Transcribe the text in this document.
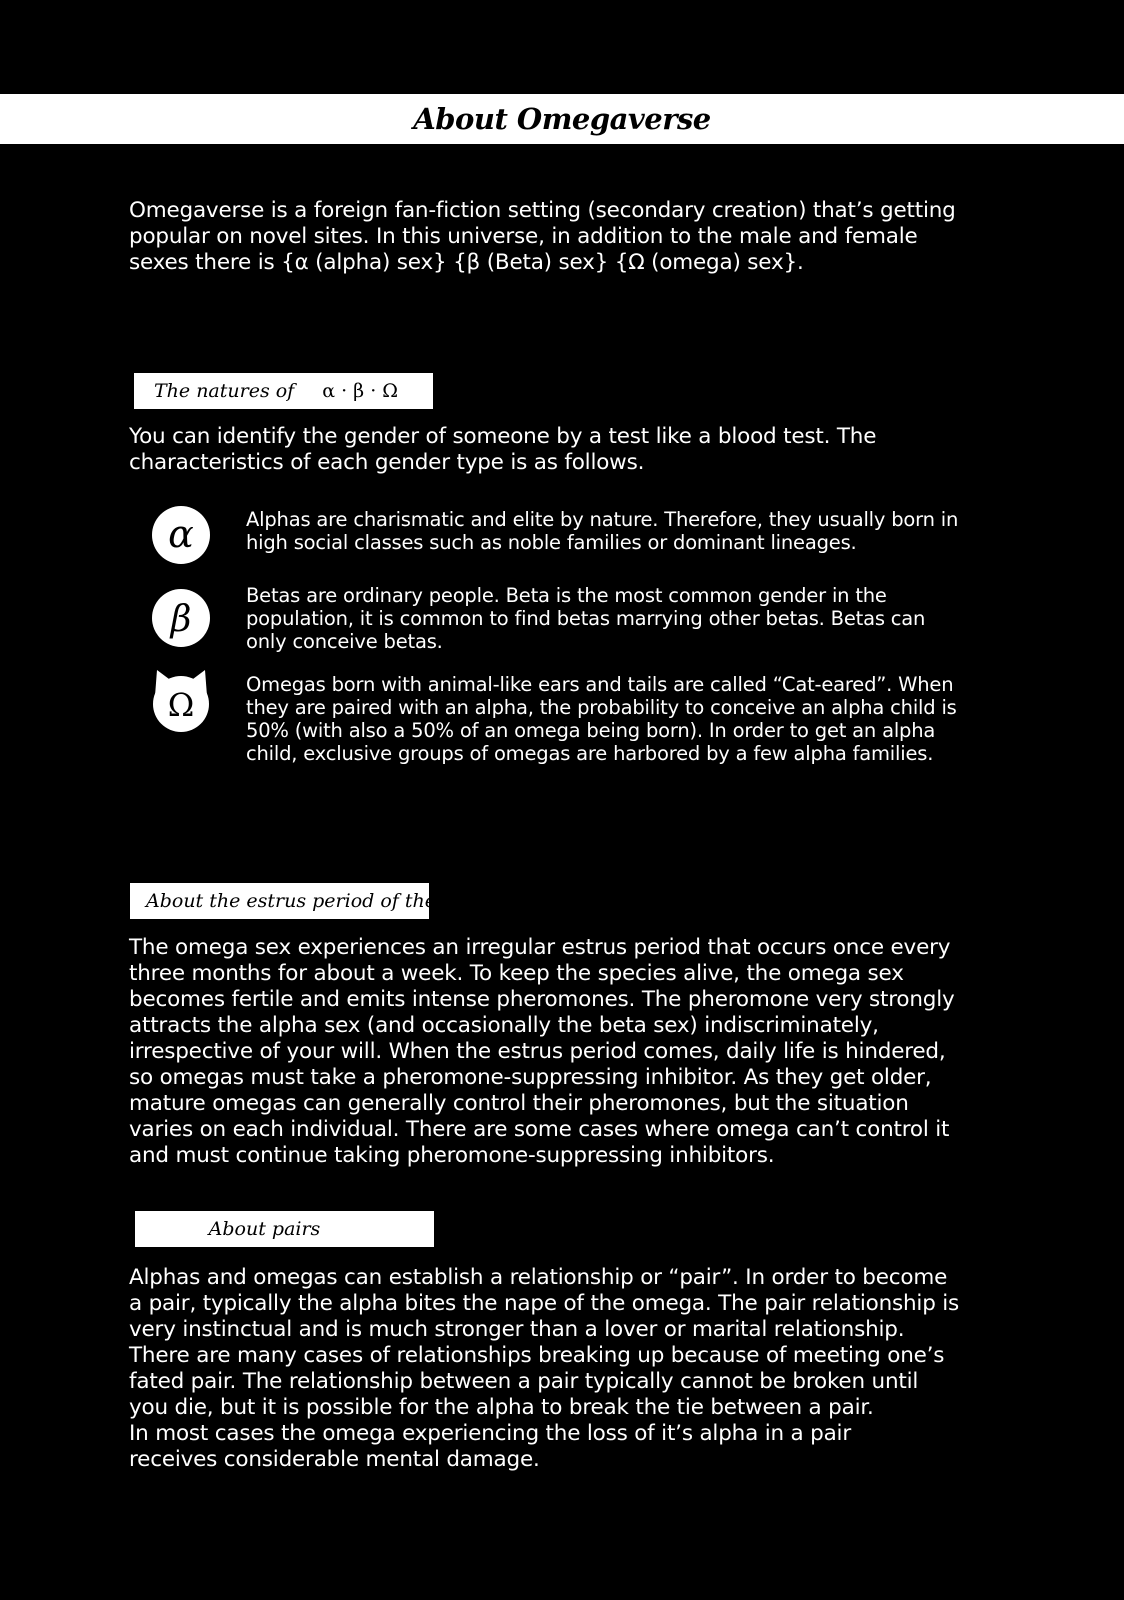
About Omegaverse
Omegaverse is a foreign fan-fiction setting (secondary creation) that’s getting
popular on novel sites. In this universe, in addition to the male and female
sexes there is {α (alpha) sex} {β (Beta) sex} {Ω (omega) sex}.
The natures of α · β · Ω
You can identify the gender of someone by a test like a blood test. The
characteristics of each gender type is as follows.
α	Alphas are charismatic and elite by nature. Therefore, they usually born in
high social classes such as noble families or dominant lineages.
β
Betas are ordinary people. Beta is the most common gender in the
population, it is common to find betas marrying other betas. Betas can
only conceive betas.
Ω
Omegas born with animal-like ears and tails are called “Cat-eared”. When
they are paired with an alpha, the probability to conceive an alpha child is
50% (with also a 50% of an omega being born). In order to get an alpha
child, exclusive groups of omegas are harbored by a few alpha families.
About the estrus period of the Ω
The omega sex experiences an irregular estrus period that occurs once every
three months for about a week. To keep the species alive, the omega sex
becomes fertile and emits intense pheromones. The pheromone very strongly
attracts the alpha sex (and occasionally the beta sex) indiscriminately,
irrespective of your will. When the estrus period comes, daily life is hindered,
so omegas must take a pheromone-suppressing inhibitor. As they get older,
mature omegas can generally control their pheromones, but the situation
varies on each individual. There are some cases where omega can’t control it
and must continue taking pheromone-suppressing inhibitors.
About pairs
Alphas and omegas can establish a relationship or “pair”. In order to become
a pair, typically the alpha bites the nape of the omega. The pair relationship is
very instinctual and is much stronger than a lover or marital relationship.
There are many cases of relationships breaking up because of meeting one’s
fated pair. The relationship between a pair typically cannot be broken until
you die, but it is possible for the alpha to break the tie between a pair.
In most cases the omega experiencing the loss of it’s alpha in a pair
receives considerable mental damage.
